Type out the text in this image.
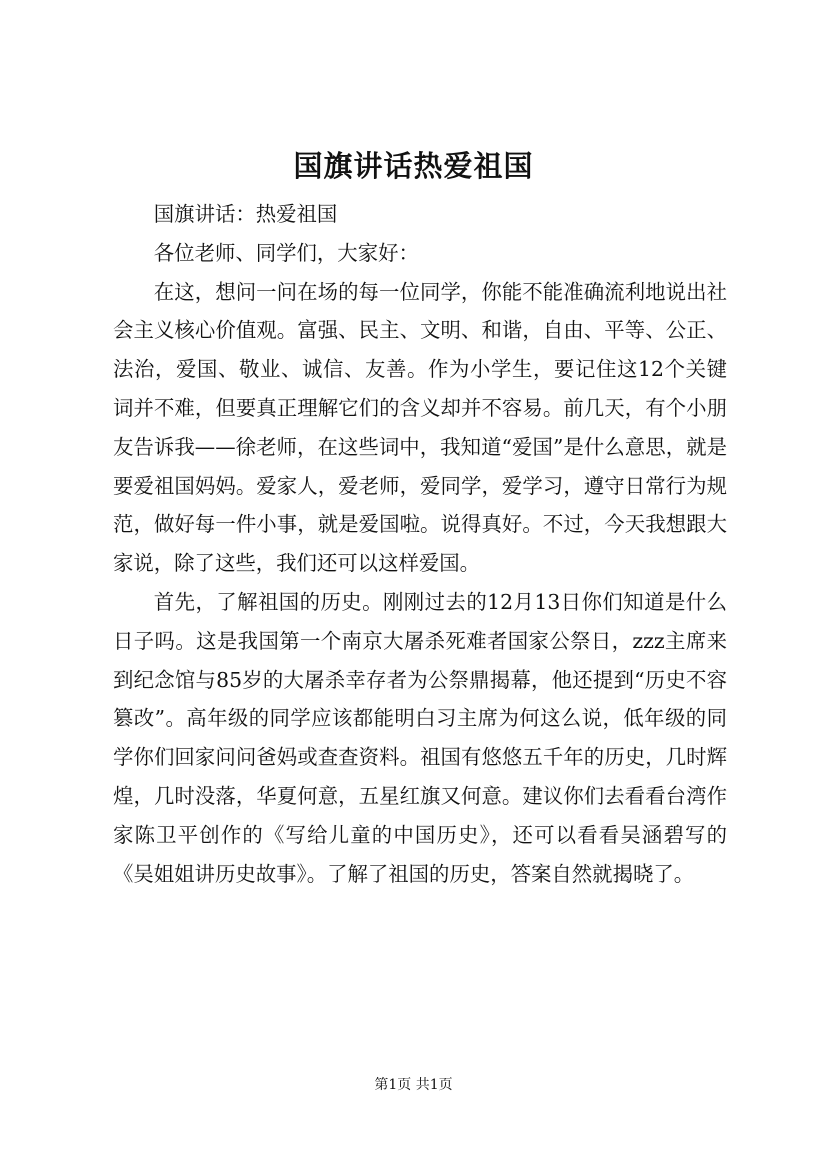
国旗讲话热爱祖国

国旗讲话：热爱祖国

各位老师、同学们，大家好：

在这，想问一问在场的每一位同学，你能不能准确流利地说出社会主义核心价值观。富强、民主、文明、和谐，自由、平等、公正、法治，爱国、敬业、诚信、友善。作为小学生，要记住这12个关键词并不难，但要真正理解它们的含义却并不容易。前几天，有个小朋友告诉我——徐老师，在这些词中，我知道“爱国”是什么意思，就是要爱祖国妈妈。爱家人，爱老师，爱同学，爱学习，遵守日常行为规范，做好每一件小事，就是爱国啦。说得真好。不过，今天我想跟大家说，除了这些，我们还可以这样爱国。

首先，了解祖国的历史。刚刚过去的12月13日你们知道是什么日子吗。这是我国第一个南京大屠杀死难者国家公祭日，zzz主席来到纪念馆与85岁的大屠杀幸存者为公祭鼎揭幕，他还提到“历史不容篡改”。高年级的同学应该都能明白习主席为何这么说，低年级的同学你们回家问问爸妈或查查资料。祖国有悠悠五千年的历史，几时辉煌，几时没落，华夏何意，五星红旗又何意。建议你们去看看台湾作家陈卫平创作的《写给儿童的中国历史》，还可以看看吴涵碧写的《吴姐姐讲历史故事》。了解了祖国的历史，答案自然就揭晓了。

第1页 共1页
